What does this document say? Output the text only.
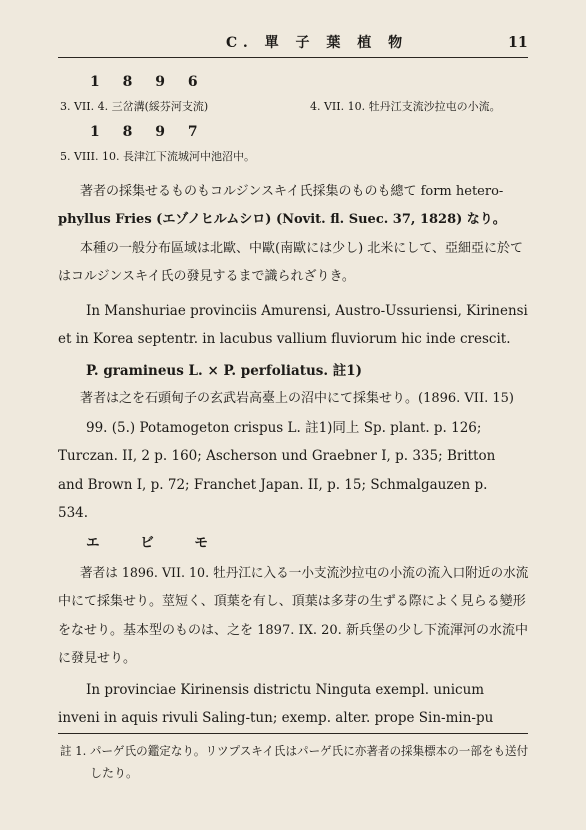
C. 單 子 葉 植 物	11
1 8 9 6
3. VII. 4. 三岔溝(綏芬河支流)	4. VII. 10. 牡丹江支流沙拉屯の小流。
1 8 9 7
5. VIII. 10. 長津江下流城河中池沼中。
著者の採集せるものもコルジンスキイ氏採集のものも總て form hetero-
phyllus Fries (エゾノヒルムシロ) (Novit. fl. Suec. 37, 1828) なり。
本種の一般分布區域は北歐、中歐(南歐には少し) 北米にして、亞細亞に於て
はコルジンスキイ氏の發見するまで識られざりき。
In Manshuriae provinciis Amurensi, Austro-Ussuriensi, Kirinensi
et in Korea septentr. in lacubus vallium fluviorum hic inde crescit.
P. gramineus L. × P. perfoliatus. 註1)
著者は之を石頭甸子の玄武岩高臺上の沼中にて採集せり。(1896. VII. 15)
99. (5.) Potamogeton crispus L. 註1)同上 Sp. plant. p. 126;
Turczan. II, 2 p. 160; Ascherson und Graebner I, p. 335; Britton
and Brown I, p. 72; Franchet Japan. II, p. 15; Schmalgauzen p.
534.
エ ビ モ
著者は 1896. VII. 10. 牡丹江に入る一小支流沙拉屯の小流の流入口附近の水流
中にて採集せり。莖短く、頂葉を有し、頂葉は多芽の生ずる際によく見らる變形
をなせり。基本型のものは、之を 1897. IX. 20. 新兵堡の少し下流渾河の水流中
に發見せり。
In provinciae Kirinensis districtu Ninguta exempl. unicum
inveni in aquis rivuli Saling-tun; exemp. alter. prope Sin-min-pu
註 1. パーゲ氏の鑑定なり。リツプスキイ氏はパーゲ氏に亦著者の採集標本の一部をも送付
したり。
